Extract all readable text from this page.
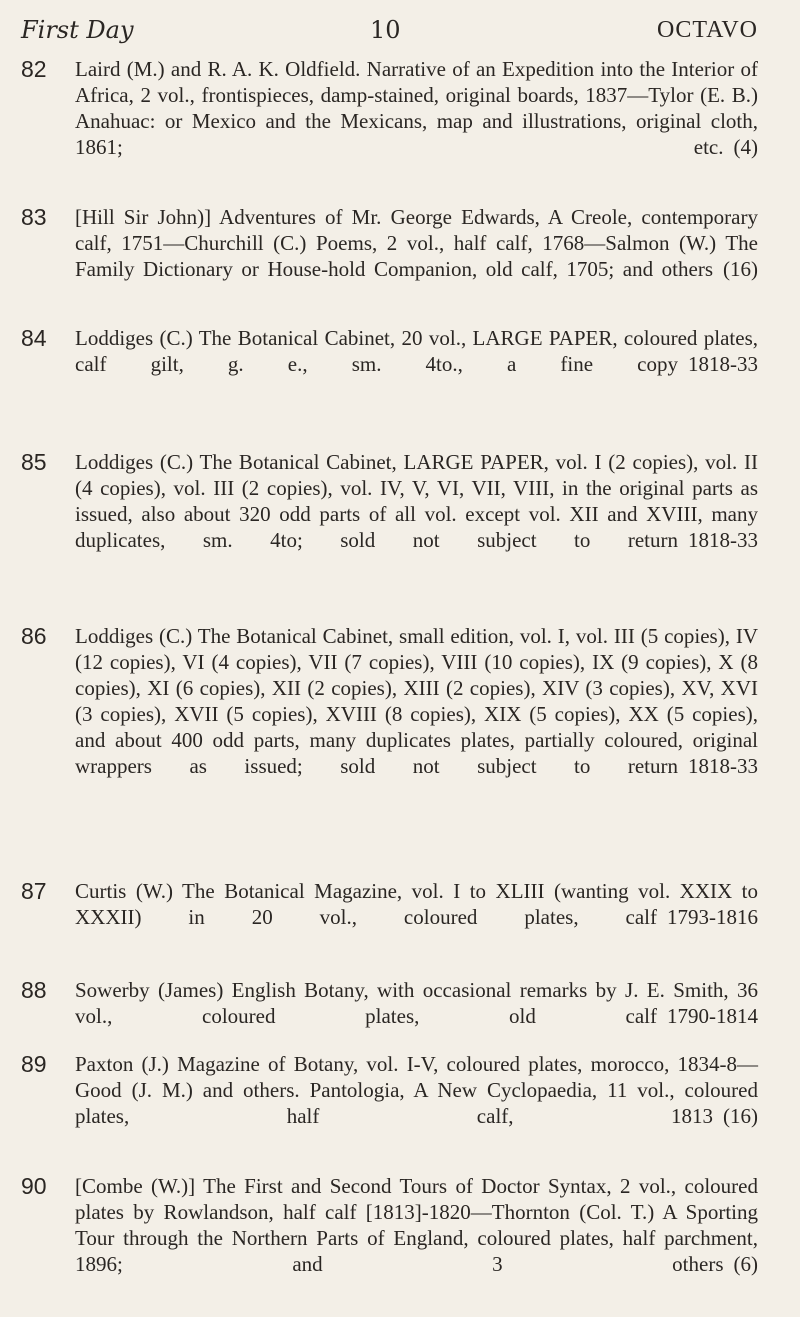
First Day	10	OCTAVO
82	Laird (M.) and R. A. K. Oldfield. Narrative of an Expedition into the Interior of Africa, 2 vol., frontispieces, damp-stained, original boards, 1837—Tylor (E. B.) Anahuac: or Mexico and the Mexicans, map and illustrations, original cloth, 1861; etc. (4)
83	[Hill Sir John)] Adventures of Mr. George Edwards, A Creole, contemporary calf, 1751—Churchill (C.) Poems, 2 vol., half calf, 1768—Salmon (W.) The Family Dictionary or House-hold Companion, old calf, 1705; and others (16)
84	Loddiges (C.) The Botanical Cabinet, 20 vol., LARGE PAPER, coloured plates, calf gilt, g. e., sm. 4to., a fine copy 1818-33
85	Loddiges (C.) The Botanical Cabinet, LARGE PAPER, vol. I (2 copies), vol. II (4 copies), vol. III (2 copies), vol. IV, V, VI, VII, VIII, in the original parts as issued, also about 320 odd parts of all vol. except vol. XII and XVIII, many duplicates, sm. 4to; sold not subject to return 1818-33
86	Loddiges (C.) The Botanical Cabinet, small edition, vol. I, vol. III (5 copies), IV (12 copies), VI (4 copies), VII (7 copies), VIII (10 copies), IX (9 copies), X (8 copies), XI (6 copies), XII (2 copies), XIII (2 copies), XIV (3 copies), XV, XVI (3 copies), XVII (5 copies), XVIII (8 copies), XIX (5 copies), XX (5 copies), and about 400 odd parts, many duplicates plates, partially coloured, original wrappers as issued; sold not subject to return 1818-33
87	Curtis (W.) The Botanical Magazine, vol. I to XLIII (wanting vol. XXIX to XXXII) in 20 vol., coloured plates, calf 1793-1816
88	Sowerby (James) English Botany, with occasional remarks by J. E. Smith, 36 vol., coloured plates, old calf 1790-1814
89	Paxton (J.) Magazine of Botany, vol. I-V, coloured plates, morocco, 1834-8—Good (J. M.) and others. Pantologia, A New Cyclopaedia, 11 vol., coloured plates, half calf, 1813 (16)
90	[Combe (W.)] The First and Second Tours of Doctor Syntax, 2 vol., coloured plates by Rowlandson, half calf [1813]-1820—Thornton (Col. T.) A Sporting Tour through the Northern Parts of England, coloured plates, half parchment, 1896; and 3 others (6)
